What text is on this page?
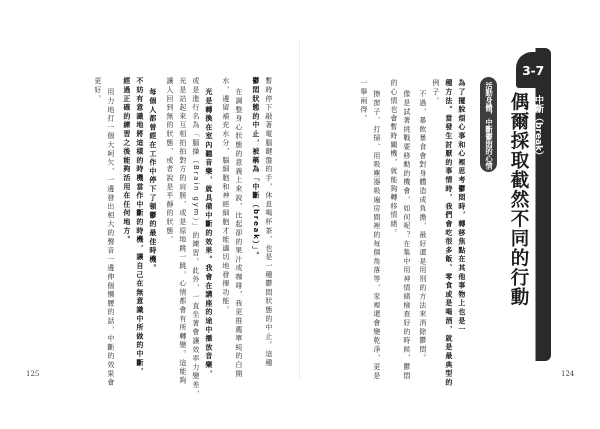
125	124
3-7
中斷（break）
偶爾採取截然不同的行動
活動身體，中斷鬱悶的心情
為了擺脫煩心事和心裡思考鬱悶時，轉移焦點在其他事物上也是一
種方法。當發生討厭的事情時，我們會吃很多飯、零食或是喝酒，就是最典型的
例子。
不過，暴飲暴食會對身體造成負擔，最好還是用別的方法來消除鬱悶。
像是試著挑戰要移動的機會，如何呢？在集中用神情緒檢查好的時候，鬱悶
的心情也會暫時關機，就能夠轉移情緒。
擦窗子、打掃、用吸塵器吸遍房間裡的每個角落等，家裡還會變乾淨，更是
一舉兩得。
暫時停下敲著電腦鍵盤的手，休息喝杯茶，也是一種鬱悶狀態的中止。這種
鬱悶狀態的中止，被稱為「中斷（break）」。
在調整身心狀態的意義上來說，比起卻的果汁或咖啡，我更推薦單純的白開
水，邊留補充水分，腦細胞和神經細胞才能適切地發揮功能。
光是轉換在室內聽音樂，就具備中斷的效果。我會在講座的途中播放音樂，
或是進行名為「腦操（Brain gym）」的練習。此外，一直坐著會讓效率力變差，
光是站起來互相拍拍對方的肩膀，或是原地跳一跳，心情都會有所轉變。這能夠
讓人回到無的狀態，或者說是平靜的狀態。
每個人都曾經在工作中停下了頓鬱的最佳時機。
不妨有意識地將這樣的時機當作中斷的時機，讓自己在無意識中所做的中斷，
經過正確的練習之後能夠活用在任何地方。
用力地打一個大呵欠，一邊發出相大的聲音一邊伸個懶腰的話，中斷的效果會
更好。
